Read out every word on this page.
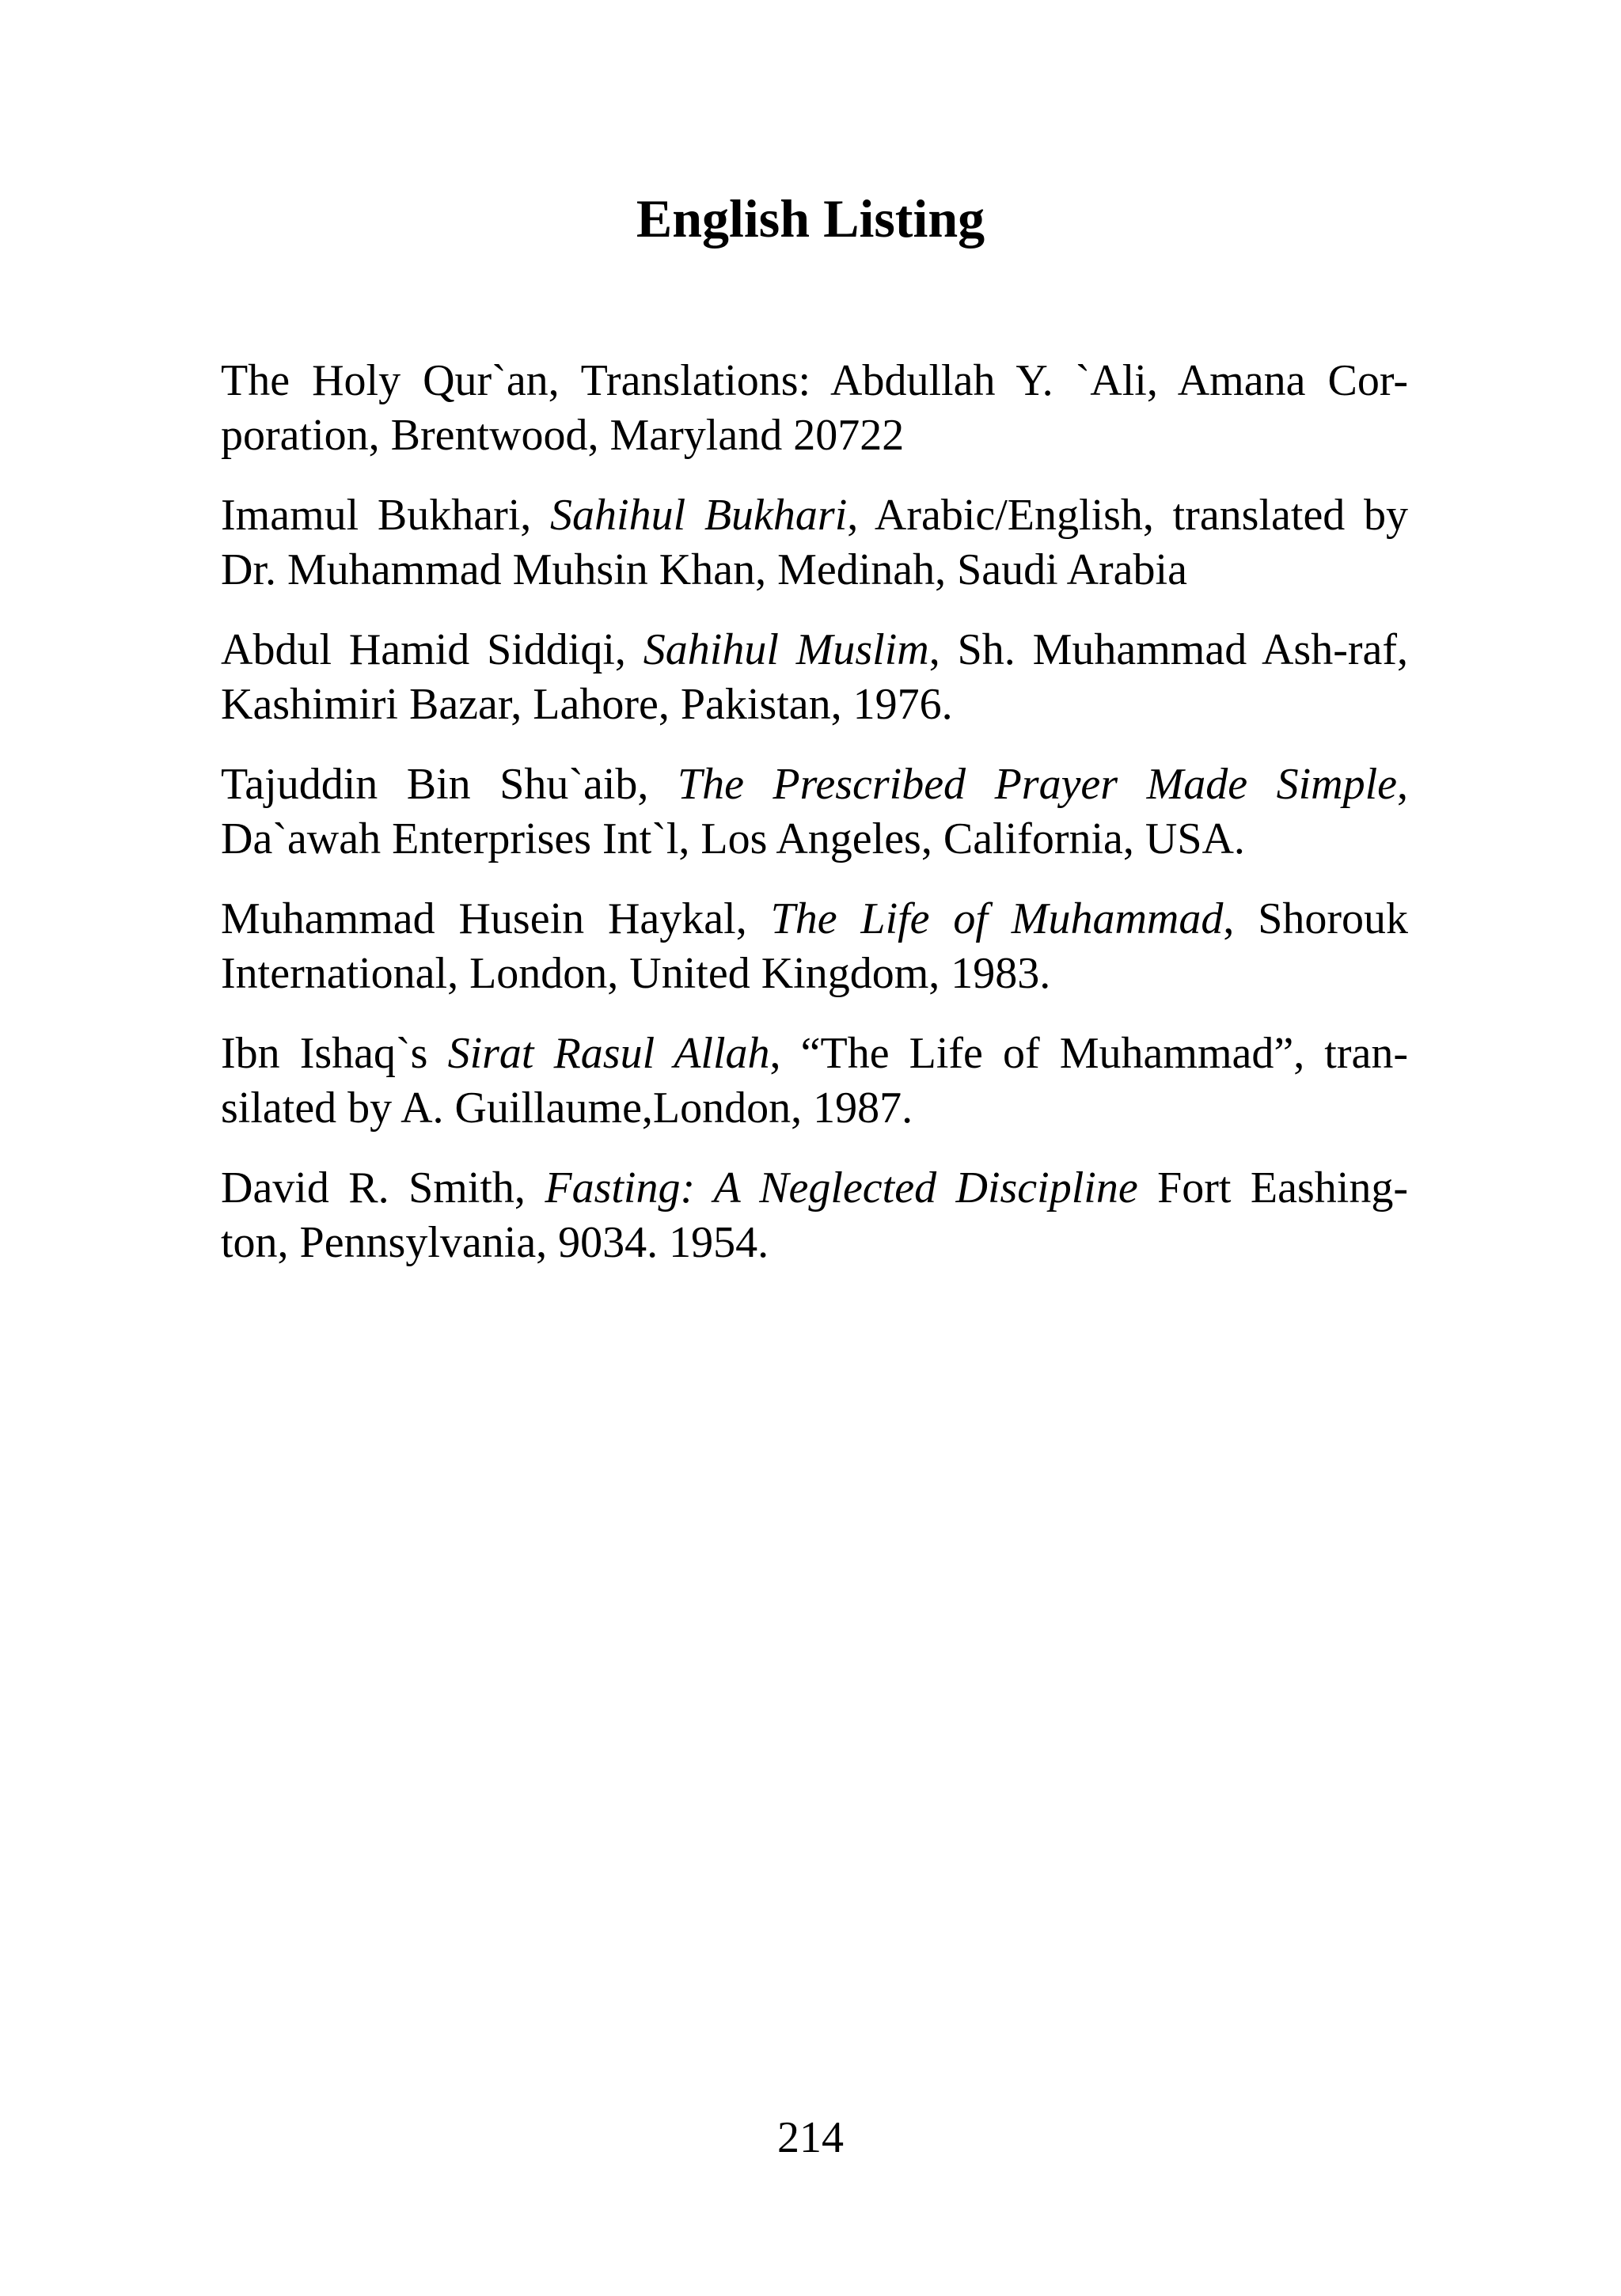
English Listing

The Holy Qur`an, Translations: Abdullah Y. `Ali, Amana Cor-poration, Brentwood, Maryland 20722

Imamul Bukhari, Sahihul Bukhari, Arabic/English, translated by Dr. Muhammad Muhsin Khan, Medinah, Saudi Arabia

Abdul Hamid Siddiqi, Sahihul Muslim, Sh. Muhammad Ash-raf, Kashimiri Bazar, Lahore, Pakistan, 1976.

Tajuddin Bin Shu`aib, The Prescribed Prayer Made Simple, Da`awah Enterprises Int`l, Los Angeles, California, USA.

Muhammad Husein Haykal, The Life of Muhammad, Shorouk International, London, United Kingdom, 1983.

Ibn Ishaq`s Sirat Rasul Allah, “The Life of Muhammad”, tran-silated by A. Guillaume,London, 1987.

David R. Smith, Fasting: A Neglected Discipline Fort Eashing-ton, Pennsylvania, 9034. 1954.

214
